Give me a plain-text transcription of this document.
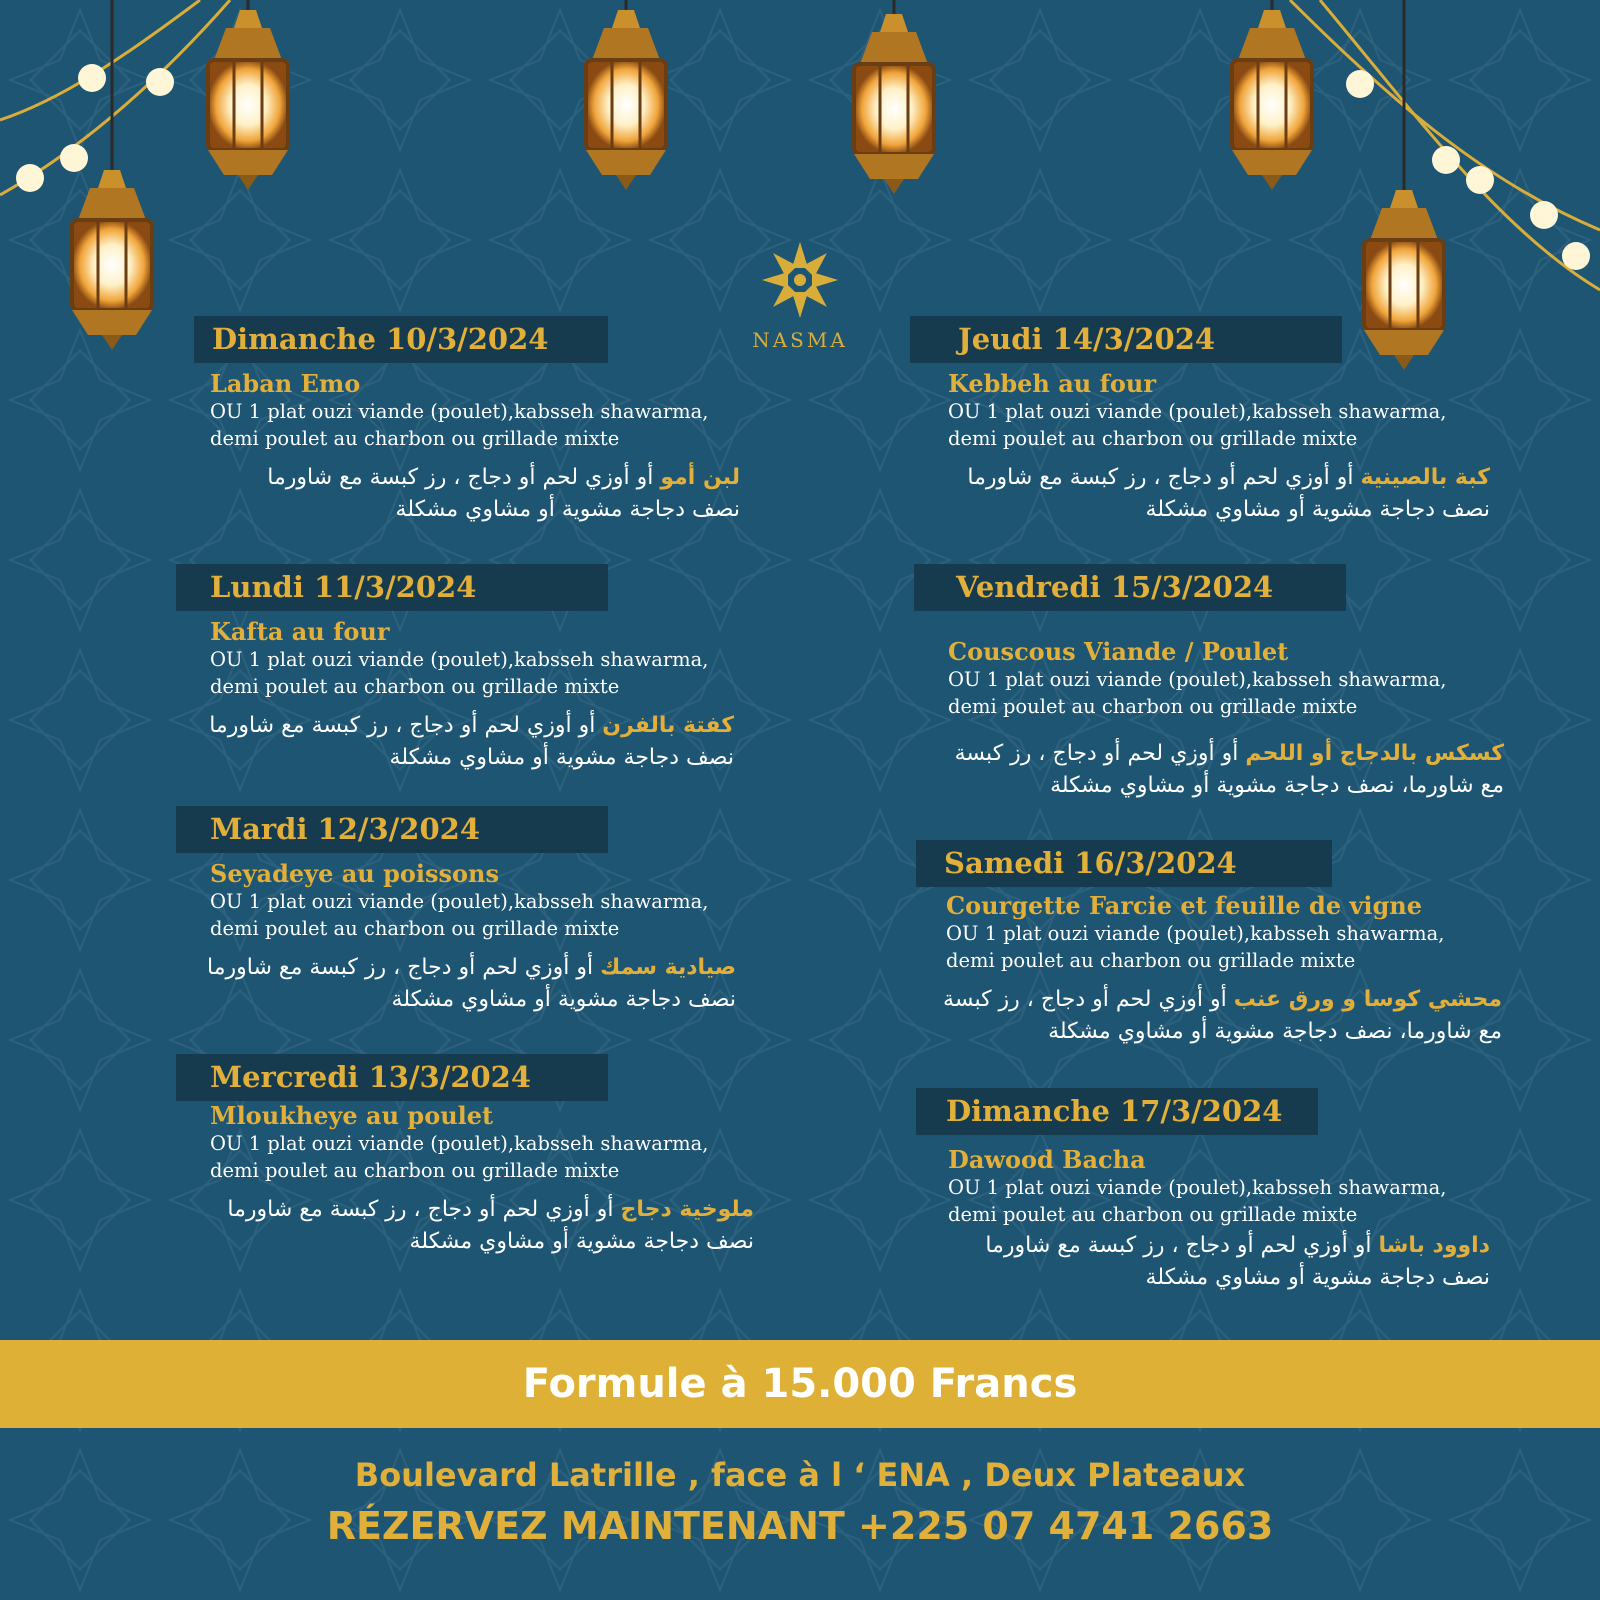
NASMA
Dimanche 10/3/2024
Laban Emo
OU 1 plat ouzi viande (poulet),kabsseh shawarma,
demi poulet au charbon ou grillade mixte
لبن أمو أو أوزي لحم أو دجاج ، رز كبسة مع شاورما
نصف دجاجة مشوية أو مشاوي مشكلة
Lundi 11/3/2024
Kafta au four
OU 1 plat ouzi viande (poulet),kabsseh shawarma,
demi poulet au charbon ou grillade mixte
كفتة بالفرن أو أوزي لحم أو دجاج ، رز كبسة مع شاورما
نصف دجاجة مشوية أو مشاوي مشكلة
Mardi 12/3/2024
Seyadeye au poissons
OU 1 plat ouzi viande (poulet),kabsseh shawarma,
demi poulet au charbon ou grillade mixte
صيادية سمك أو أوزي لحم أو دجاج ، رز كبسة مع شاورما
نصف دجاجة مشوية أو مشاوي مشكلة
Mercredi 13/3/2024
Mloukheye au poulet
OU 1 plat ouzi viande (poulet),kabsseh shawarma,
demi poulet au charbon ou grillade mixte
ملوخية دجاج أو أوزي لحم أو دجاج ، رز كبسة مع شاورما
نصف دجاجة مشوية أو مشاوي مشكلة
Jeudi 14/3/2024
Kebbeh au four
OU 1 plat ouzi viande (poulet),kabsseh shawarma,
demi poulet au charbon ou grillade mixte
كبة بالصينية أو أوزي لحم أو دجاج ، رز كبسة مع شاورما
نصف دجاجة مشوية أو مشاوي مشكلة
Vendredi 15/3/2024
Couscous Viande / Poulet
OU 1 plat ouzi viande (poulet),kabsseh shawarma,
demi poulet au charbon ou grillade mixte
كسكس بالدجاج أو اللحم أو أوزي لحم أو دجاج ، رز كبسة
مع شاورما، نصف دجاجة مشوية أو مشاوي مشكلة
Samedi 16/3/2024
Courgette Farcie et feuille de vigne
OU 1 plat ouzi viande (poulet),kabsseh shawarma,
demi poulet au charbon ou grillade mixte
محشي كوسا و ورق عنب أو أوزي لحم أو دجاج ، رز كبسة
مع شاورما، نصف دجاجة مشوية أو مشاوي مشكلة
Dimanche 17/3/2024
Dawood Bacha
OU 1 plat ouzi viande (poulet),kabsseh shawarma,
demi poulet au charbon ou grillade mixte
داوود باشا أو أوزي لحم أو دجاج ، رز كبسة مع شاورما
نصف دجاجة مشوية أو مشاوي مشكلة
Formule à 15.000 Francs
Boulevard Latrille , face à l ‘ ENA , Deux Plateaux
RÉZERVEZ MAINTENANT +225 07 4741 2663
